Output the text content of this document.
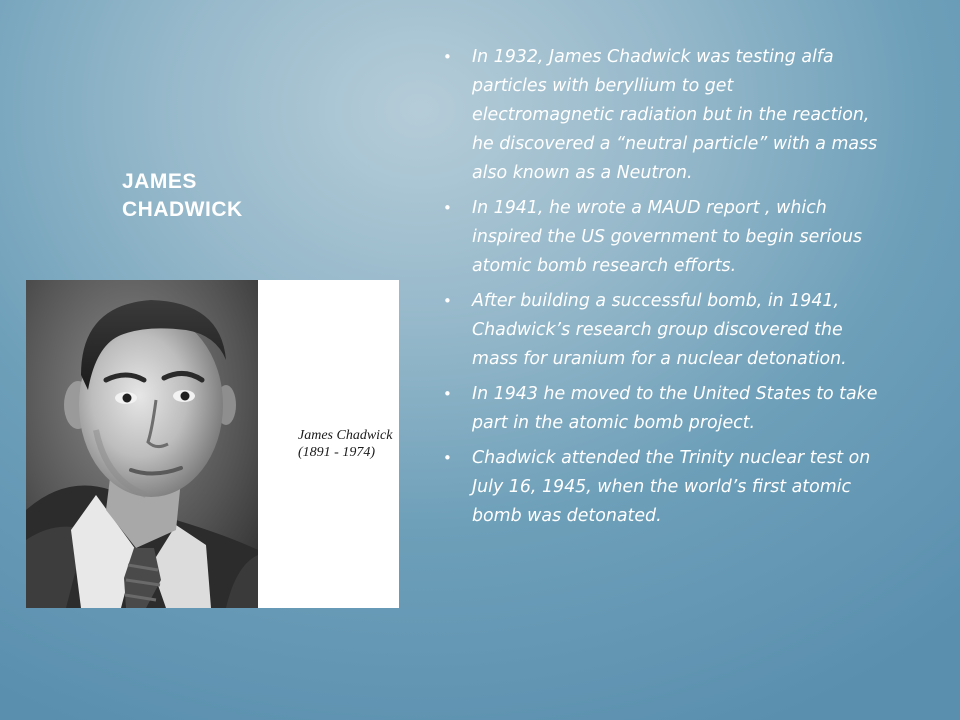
JAMES CHADWICK
James Chadwick
(1891 - 1974)
• In 1932, James Chadwick was testing alfa particles with beryllium to get electromagnetic radiation but in the reaction, he discovered a “neutral particle” with a mass also known as a Neutron.
• In 1941, he wrote a MAUD report , which inspired the US government to begin serious atomic bomb research efforts.
• After building a successful bomb, in 1941, Chadwick’s research group discovered the mass for uranium for a nuclear detonation.
• In 1943 he moved to the United States to take part in the atomic bomb project.
• Chadwick attended the Trinity nuclear test on July 16, 1945, when the world’s first atomic bomb was detonated.
